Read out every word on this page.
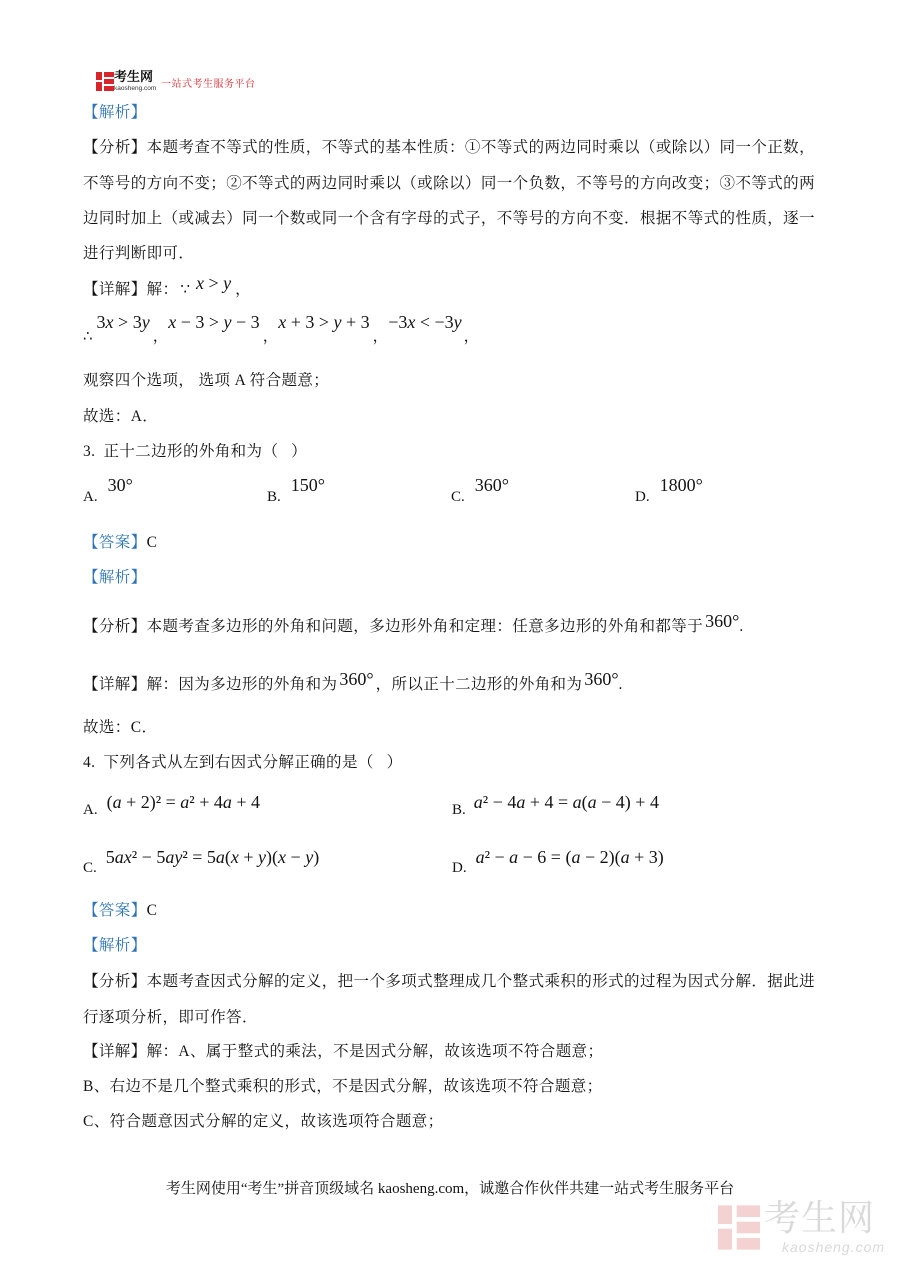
考生网
kaosheng.com 一站式考生服务平台
【解析】
【分析】本题考查不等式的性质，不等式的基本性质：①不等式的两边同时乘以（或除以）同一个正数，
不等号的方向不变；②不等式的两边同时乘以（或除以）同一个负数，不等号的方向改变；③不等式的两
边同时加上（或减去）同一个数或同一个含有字母的式子，不等号的方向不变．根据不等式的性质，逐一
进行判断即可．
【详解】 解： ∵ x > y ，
∴
3x > 3y
，
x − 3 > y − 3
，
x + 3 > y + 3
，
−3x < −3y
，
观察四个选项， 选项 A 符合题意；
故选：A．
3. 正十二边形的外角和为（   ）
A.
30°
B.
150°
C.
360°
D.
1800°
【答案】 C
【解析】
【分析】本题考查多边形的外角和问题，多边形外角和定理：任意多边形的外角和都等于 360° .
【详解】 解：因为多边形的外角和为 360° ，所以正十二边形的外角和为 360° .
故选：C．
4. 下列各式从左到右因式分解正确的是（   ）
A. (a + 2)² = a² + 4a + 4	B. a² − 4a + 4 = a(a − 4) + 4
C.
5ax² − 5ay² = 5a(x + y)(x − y)
D.
a² − a − 6 = (a − 2)(a + 3)
【答案】 C
【解析】
【分析】本题考查因式分解的定义，把一个多项式整理成几个整式乘积的形式的过程为因式分解．据此进
行逐项分析，即可作答．
【详解】解：A、属于整式的乘法，不是因式分解，故该选项不符合题意；
B、右边不是几个整式乘积的形式，不是因式分解，故该选项不符合题意；
C、符合题意因式分解的定义，故该选项符合题意；
考生网使用“考生”拼音顶级域名 kaosheng.com，诚邀合作伙伴共建一站式考生服务平台
考生网
kaosheng.com
